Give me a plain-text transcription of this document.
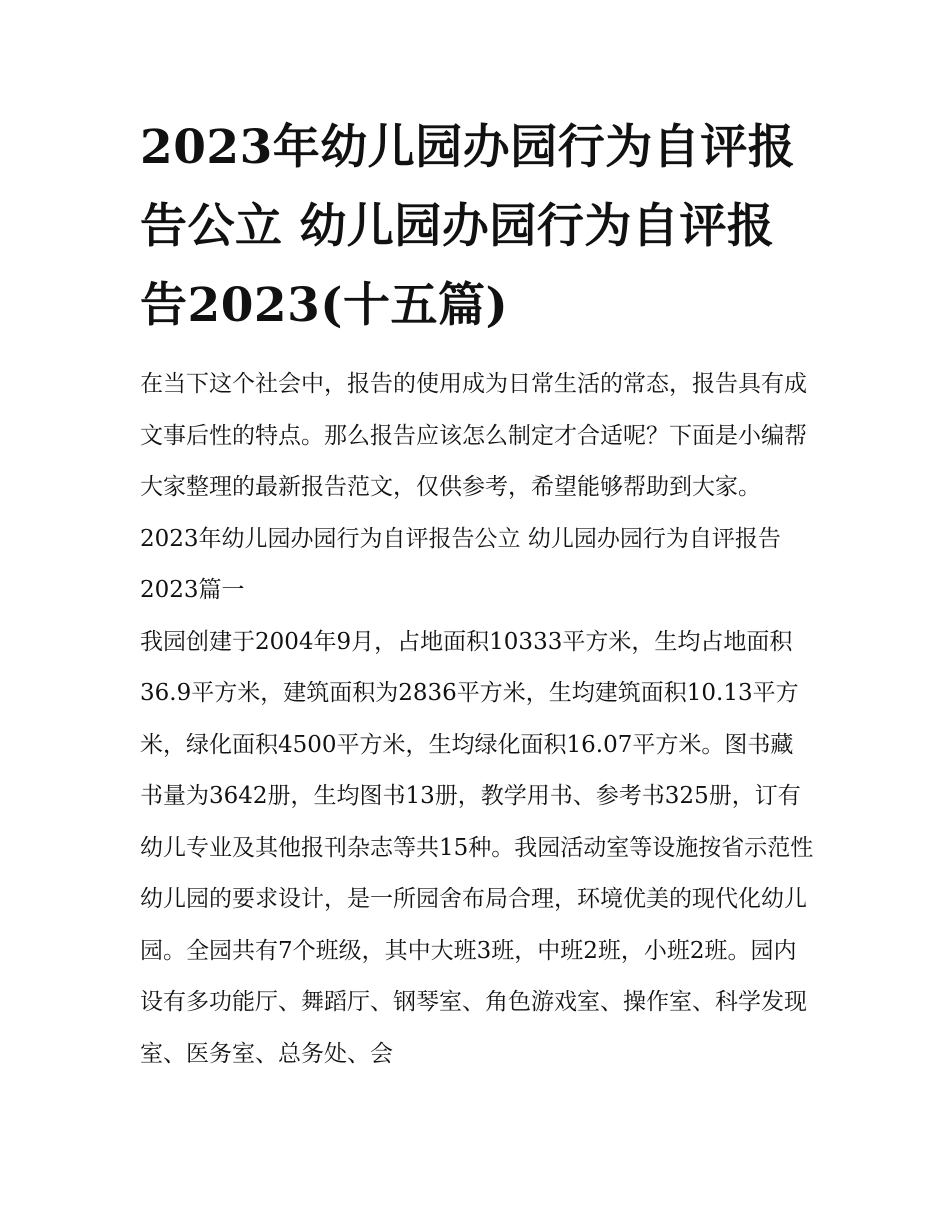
2023年幼儿园办园行为自评报告公立 幼儿园办园行为自评报告2023(十五篇)

在当下这个社会中，报告的使用成为日常生活的常态，报告具有成文事后性的特点。那么报告应该怎么制定才合适呢？下面是小编帮大家整理的最新报告范文，仅供参考，希望能够帮助到大家。

2023年幼儿园办园行为自评报告公立 幼儿园办园行为自评报告2023篇一

我园创建于2004年9月，占地面积10333平方米，生均占地面积36.9平方米，建筑面积为2836平方米，生均建筑面积10.13平方米，绿化面积4500平方米，生均绿化面积16.07平方米。图书藏书量为3642册，生均图书13册，教学用书、参考书325册，订有幼儿专业及其他报刊杂志等共15种。我园活动室等设施按省示范性幼儿园的要求设计，是一所园舍布局合理，环境优美的现代化幼儿园。全园共有7个班级，其中大班3班，中班2班，小班2班。园内设有多功能厅、舞蹈厅、钢琴室、角色游戏室、操作室、科学发现室、医务室、总务处、会
